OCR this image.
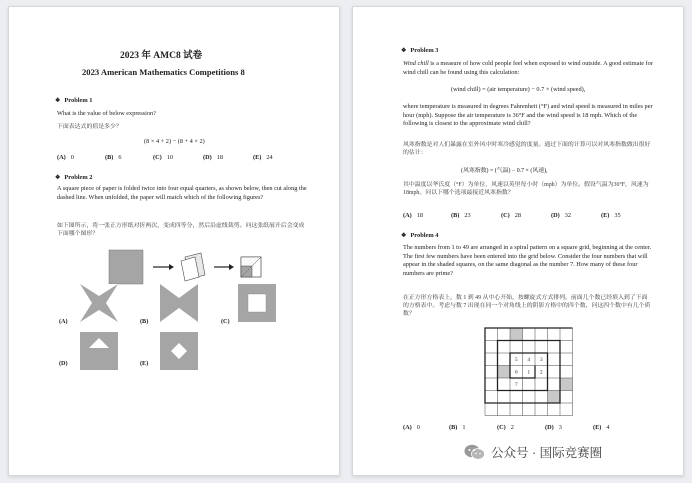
2023 年 AMC8 试卷
2023 American Mathematics Competitions 8
❖ Problem 1
What is the value of below expression?
下面表达式的值是多少？
(8 × 4 + 2) − (8 + 4 × 2)
(A) 0	(B) 6	(C) 10	(D) 18	(E) 24
❖ Problem 2
A square piece of paper is folded twice into four equal quarters, as shown below, then cut along the dashed line. When unfolded, the paper will match which of the following figures?
如下图所示，将一张正方形纸对折两次，变成四等分，然后沿虚线裁剪。问这张纸展开后会变成下面哪个图形？
(A)	(B)	(C)
(D)	(E)
❖ Problem 3
Wind chill is a measure of how cold people feel when exposed to wind outside. A good estimate for wind chill can be found using this calculation:
(wind chill) = (air temperature) − 0.7 × (wind speed),
where temperature is measured in degrees Fahrenheit (°F) and wind speed is measured in miles per hour (mph). Suppose the air temperature is 36°F and the wind speed is 18 mph. Which of the following is closest to the approximate wind chill?
风寒指数是对人们暴露在室外风中时寒冷感觉的度量。通过下面的计算可以对风寒指数做出很好的估计：
(风寒指数) = (气温) − 0.7 × (风速),
其中温度以华氏度（°F）为单位，风速以英里每小时（mph）为单位。假设气温为36°F，风速为18mph。问以下哪个选项最接近风寒指数？
(A) 18	(B) 23	(C) 28	(D) 32	(E) 35
❖ Problem 4
The numbers from 1 to 49 are arranged in a spiral pattern on a square grid, beginning at the center. The first few numbers have been entered into the grid below. Consider the four numbers that will appear in the shaded squares, on the same diagonal as the number 7. How many of these four numbers are prime?
在正方形方格表上，数 1 到 49 从中心开始，按螺旋式方式排列。前面几个数已经填入到了下面的方格表中。考虑与数 7 出现在同一个对角线上的阴影方格中的四个数，问这四个数中有几个质数？
5 4 3
6 1 2
7
(A) 0	(B) 1	(C) 2	(D) 3	(E) 4
公众号 · 国际竞赛圈
